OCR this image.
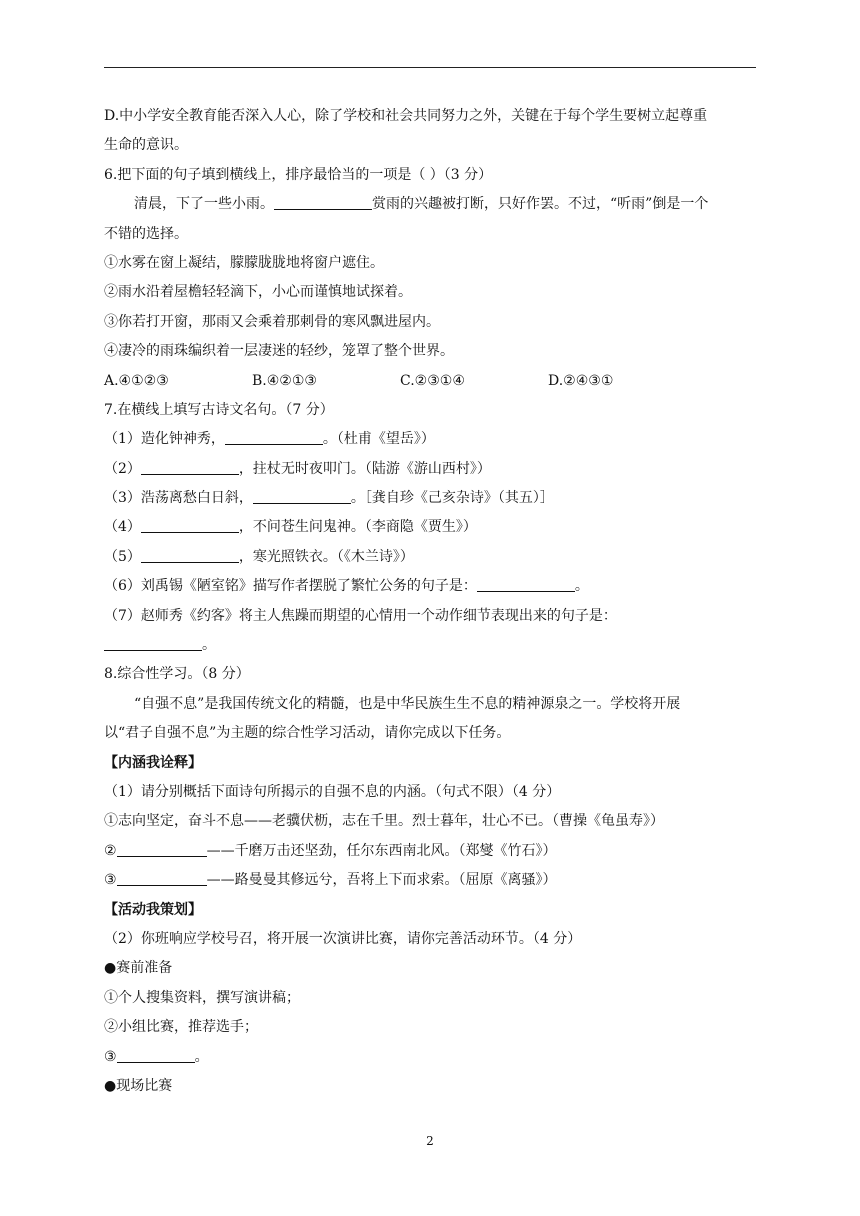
D.中小学安全教育能否深入人心，除了学校和社会共同努力之外，关键在于每个学生要树立起尊重
生命的意识。
6.把下面的句子填到横线上，排序最恰当的一项是（ ）（3 分）
清晨，下了一些小雨。	赏雨的兴趣被打断，只好作罢。不过，“听雨”倒是一个
不错的选择。
①水雾在窗上凝结，朦朦胧胧地将窗户遮住。
②雨水沿着屋檐轻轻滴下，小心而谨慎地试探着。
③你若打开窗，那雨又会乘着那刺骨的寒风飘进屋内。
④凄冷的雨珠编织着一层凄迷的轻纱，笼罩了整个世界。
A.④①②③	B.④②①③	C.②③①④	D.②④③①
7.在横线上填写古诗文名句。（7 分）
（1）造化钟神秀，	。（杜甫《望岳》）
（2）	，拄杖无时夜叩门。（陆游《游山西村》）
（3）浩荡离愁白日斜，	。［龚自珍《己亥杂诗》（其五）］
（4）	，不问苍生问鬼神。（李商隐《贾生》）
（5）	，寒光照铁衣。（《木兰诗》）
（6）刘禹锡《陋室铭》描写作者摆脱了繁忙公务的句子是：	。
（7）赵师秀《约客》将主人焦躁而期望的心情用一个动作细节表现出来的句子是：
。
8.综合性学习。（8 分）
“自强不息”是我国传统文化的精髓，也是中华民族生生不息的精神源泉之一。学校将开展
以“君子自强不息”为主题的综合性学习活动，请你完成以下任务。
【内涵我诠释】
（1）请分别概括下面诗句所揭示的自强不息的内涵。（句式不限）（4 分）
①志向坚定，奋斗不息——老骥伏枥，志在千里。烈士暮年，壮心不已。（曹操《龟虽寿》）
②	——千磨万击还坚劲，任尔东西南北风。（郑燮《竹石》）
③	——路曼曼其修远兮，吾将上下而求索。（屈原《离骚》）
【活动我策划】
（2）你班响应学校号召，将开展一次演讲比赛，请你完善活动环节。（4 分）
●赛前准备
①个人搜集资料，撰写演讲稿；
②小组比赛，推荐选手；
③	。
●现场比赛
2
